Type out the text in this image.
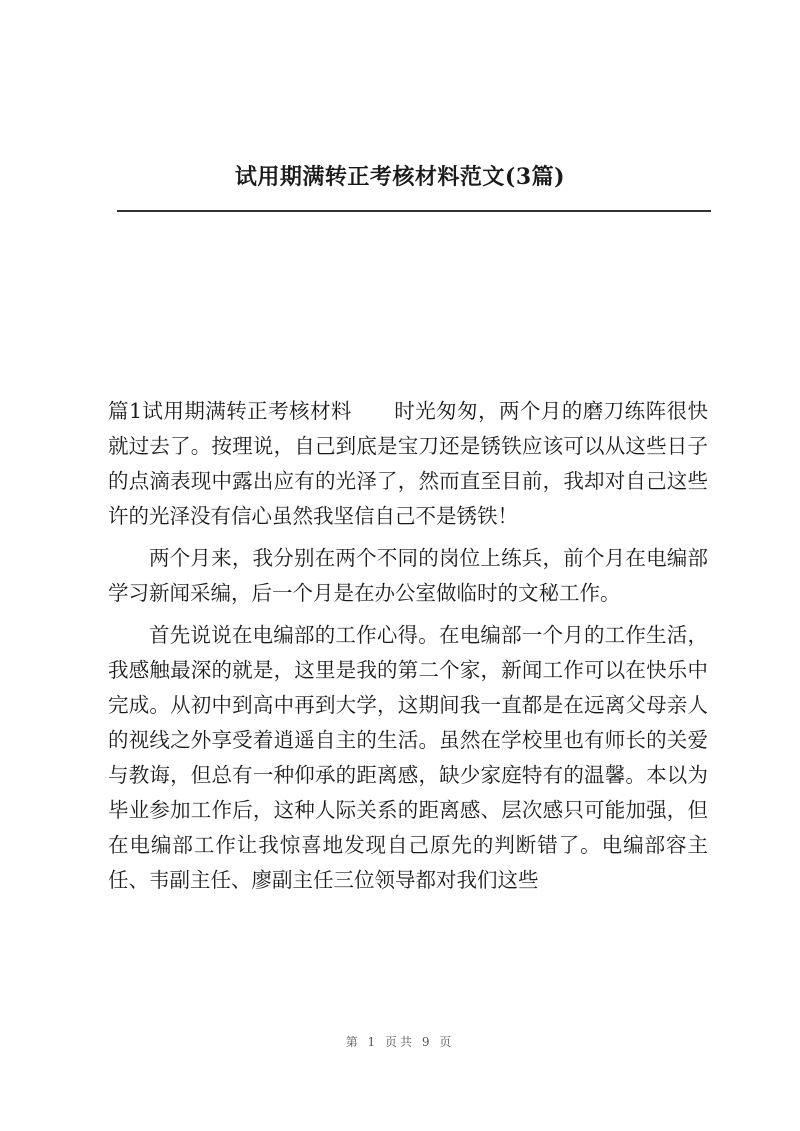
试用期满转正考核材料范文(3篇)

篇1试用期满转正考核材料 时光匆匆，两个月的磨刀练阵很快就过去了。按理说，自己到底是宝刀还是锈铁应该可以从这些日子的点滴表现中露出应有的光泽了，然而直至目前，我却对自己这些许的光泽没有信心虽然我坚信自己不是锈铁！

两个月来，我分别在两个不同的岗位上练兵，前个月在电编部学习新闻采编，后一个月是在办公室做临时的文秘工作。

首先说说在电编部的工作心得。在电编部一个月的工作生活，我感触最深的就是，这里是我的第二个家，新闻工作可以在快乐中完成。从初中到高中再到大学，这期间我一直都是在远离父母亲人的视线之外享受着逍遥自主的生活。虽然在学校里也有师长的关爱与教诲，但总有一种仰承的距离感，缺少家庭特有的温馨。本以为毕业参加工作后，这种人际关系的距离感、层次感只可能加强，但在电编部工作让我惊喜地发现自己原先的判断错了。电编部容主任、韦副主任、廖副主任三位领导都对我们这些

第 1 页共 9 页
